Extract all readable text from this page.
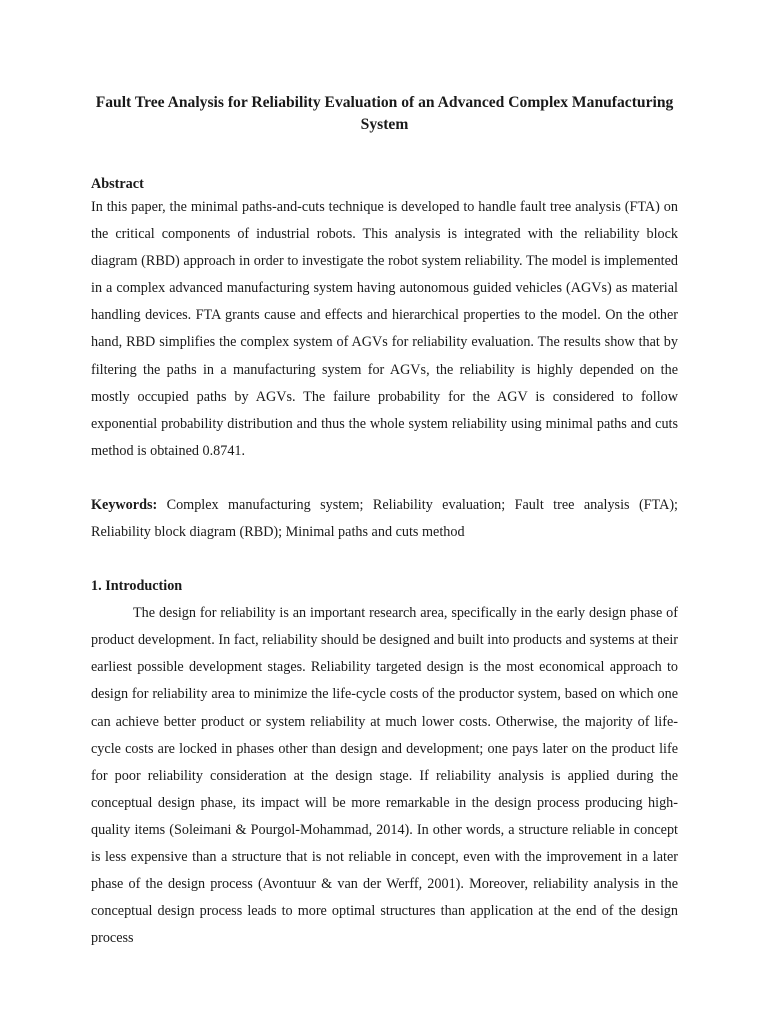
Fault Tree Analysis for Reliability Evaluation of an Advanced Complex Manufacturing System
Abstract

In this paper, the minimal paths-and-cuts technique is developed to handle fault tree analysis (FTA) on the critical components of industrial robots. This analysis is integrated with the reliability block diagram (RBD) approach in order to investigate the robot system reliability. The model is implemented in a complex advanced manufacturing system having autonomous guided vehicles (AGVs) as material handling devices. FTA grants cause and effects and hierarchical properties to the model. On the other hand, RBD simplifies the complex system of AGVs for reliability evaluation. The results show that by filtering the paths in a manufacturing system for AGVs, the reliability is highly depended on the mostly occupied paths by AGVs. The failure probability for the AGV is considered to follow exponential probability distribution and thus the whole system reliability using minimal paths and cuts method is obtained 0.8741.

Keywords: Complex manufacturing system; Reliability evaluation; Fault tree analysis (FTA); Reliability block diagram (RBD); Minimal paths and cuts method

1. Introduction

The design for reliability is an important research area, specifically in the early design phase of product development. In fact, reliability should be designed and built into products and systems at their earliest possible development stages. Reliability targeted design is the most economical approach to design for reliability area to minimize the life-cycle costs of the productor system, based on which one can achieve better product or system reliability at much lower costs. Otherwise, the majority of life-cycle costs are locked in phases other than design and development; one pays later on the product life for poor reliability consideration at the design stage. If reliability analysis is applied during the conceptual design phase, its impact will be more remarkable in the design process producing high-quality items (Soleimani & Pourgol-Mohammad, 2014). In other words, a structure reliable in concept is less expensive than a structure that is not reliable in concept, even with the improvement in a later phase of the design process (Avontuur & van der Werff, 2001). Moreover, reliability analysis in the conceptual design process leads to more optimal structures than application at the end of the design process
